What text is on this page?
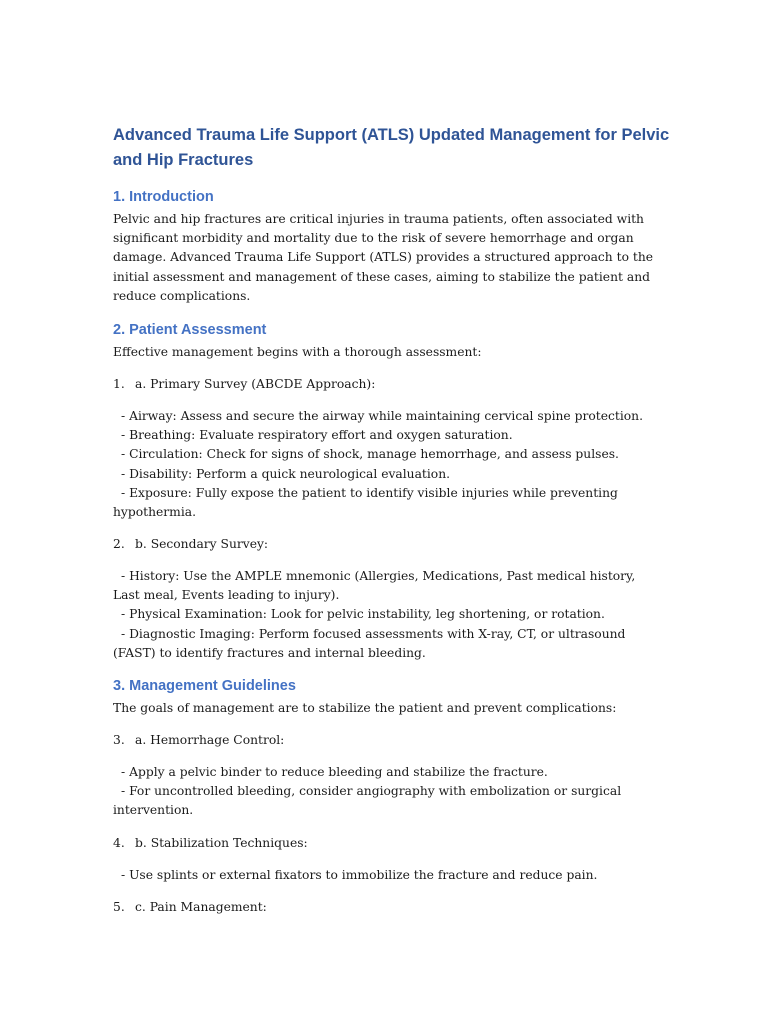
Advanced Trauma Life Support (ATLS) Updated Management for Pelvic and Hip Fractures
1. Introduction

Pelvic and hip fractures are critical injuries in trauma patients, often associated with significant morbidity and mortality due to the risk of severe hemorrhage and organ damage. Advanced Trauma Life Support (ATLS) provides a structured approach to the initial assessment and management of these cases, aiming to stabilize the patient and reduce complications.

2. Patient Assessment

Effective management begins with a thorough assessment:

1. a. Primary Survey (ABCDE Approach):
- Airway: Assess and secure the airway while maintaining cervical spine protection.
- Breathing: Evaluate respiratory effort and oxygen saturation.
- Circulation: Check for signs of shock, manage hemorrhage, and assess pulses.
- Disability: Perform a quick neurological evaluation.
- Exposure: Fully expose the patient to identify visible injuries while preventing hypothermia.
2. b. Secondary Survey:
- History: Use the AMPLE mnemonic (Allergies, Medications, Past medical history, Last meal, Events leading to injury).
- Physical Examination: Look for pelvic instability, leg shortening, or rotation.
- Diagnostic Imaging: Perform focused assessments with X-ray, CT, or ultrasound (FAST) to identify fractures and internal bleeding.
3. Management Guidelines

The goals of management are to stabilize the patient and prevent complications:

3. a. Hemorrhage Control:
- Apply a pelvic binder to reduce bleeding and stabilize the fracture.
- For uncontrolled bleeding, consider angiography with embolization or surgical intervention.
4. b. Stabilization Techniques:
- Use splints or external fixators to immobilize the fracture and reduce pain.
5. c. Pain Management:
